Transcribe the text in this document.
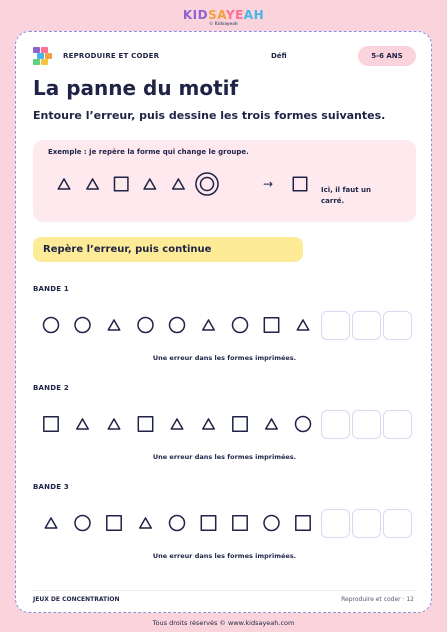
KIDSAYEAH
© Kidsayeah
REPRODUIRE ET CODER	Défi	5-6 ANS
La panne du motif
Entoure l’erreur, puis dessine les trois formes suivantes.
Exemple : je repère la forme qui change le groupe.
→	Ici, il faut un carré.
Repère l’erreur, puis continue
BANDE 1
Une erreur dans les formes imprimées.
BANDE 2
Une erreur dans les formes imprimées.
BANDE 3
Une erreur dans les formes imprimées.
JEUX DE CONCENTRATION	Reproduire et coder · 12
Tous droits réservés © www.kidsayeah.com
